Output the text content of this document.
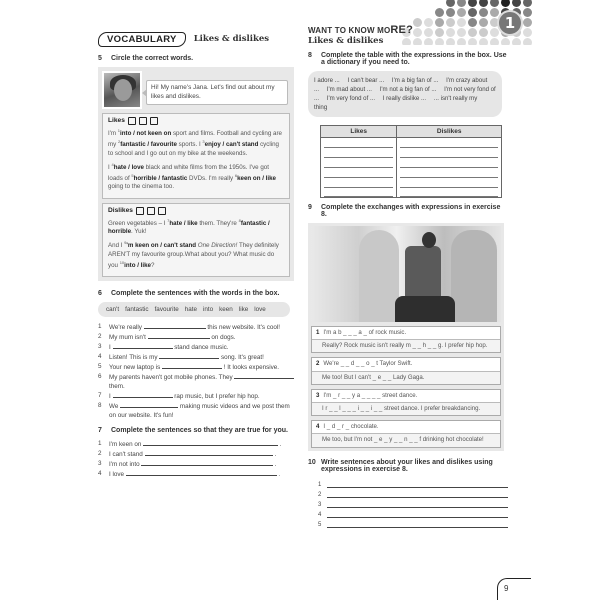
1
VOCABULARY	Likes & dislikes
5	Circle the correct words.
Hi! My name's Jana. Let's find out about my likes and dislikes.
Likes

I'm $^1$into / not keen on sport and films. Football and cycling are my $^2$fantastic / favourite sports. I $^3$enjoy / can't stand cycling to school and I go out on my bike at the weekends.

I $^4$hate / love black and white films from the 1950s. I've got loads of $^5$horrible / fantastic DVDs. I'm really $^6$keen on / like going to the cinema too.

Dislikes

Green vegetables – I $^7$hate / like them. They're $^8$fantastic / horrible. Yuk!

And I $^9$'m keen on / can't stand One Direction! They definitely AREN'T my favourite group.What about you? What music do you $^{10}$into / like?

6	Complete the sentences with the words in the box.
can't fantastic favourite hate into keen like love
1 We're really	this new website. It's cool!
2 My mum isn't	on dogs.
3 I	stand dance music.
4 Listen! This is my	song. It's great!
5 Your new laptop is	! It looks expensive.
6 My parents haven't got mobile phones. They  them.
7 I	rap music, but I prefer hip hop.
8 We	making music videos and we post them on our website. It's fun!
7	Complete the sentences so that they are true for you.
1 I'm keen on	.
2 I can't stand	.
3 I'm not into	.
4 I love	.
WANT TO KNOW MORE?
Likes & dislikes
8	Complete the table with the expressions in the box. Use a dictionary if you need to.
I adore ... I can't bear ... I'm a big fan of ... I'm crazy about ... I'm mad about ... I'm not a big fan of ... I'm not very fond of ... I'm very fond of ... I really dislike ... ... isn't really my thing
Likes	Dislikes

9	Complete the exchanges with expressions in exercise 8.
1 I'm a b _ _ _ a _ of rock music.
Really? Rock music isn't really m _ _ h _ _ g. I prefer hip hop.
2 We're _ _ d _ _ o _ t Taylor Swift.
Me too! But I can't _ e _ _ Lady Gaga.
3 I'm _ r _ _ y a _ _ _ _ street dance.
I r _ _ l _ _ _ i _ _ i _ _ street dance. I prefer breakdancing.
4 I _ d _ r _ chocolate.
Me too, but I'm not _ e _ y _ _ n _ _ f drinking hot chocolate!
10 Write sentences about your likes and dislikes using expressions in exercise 8.
1
2
3
4
5
9
